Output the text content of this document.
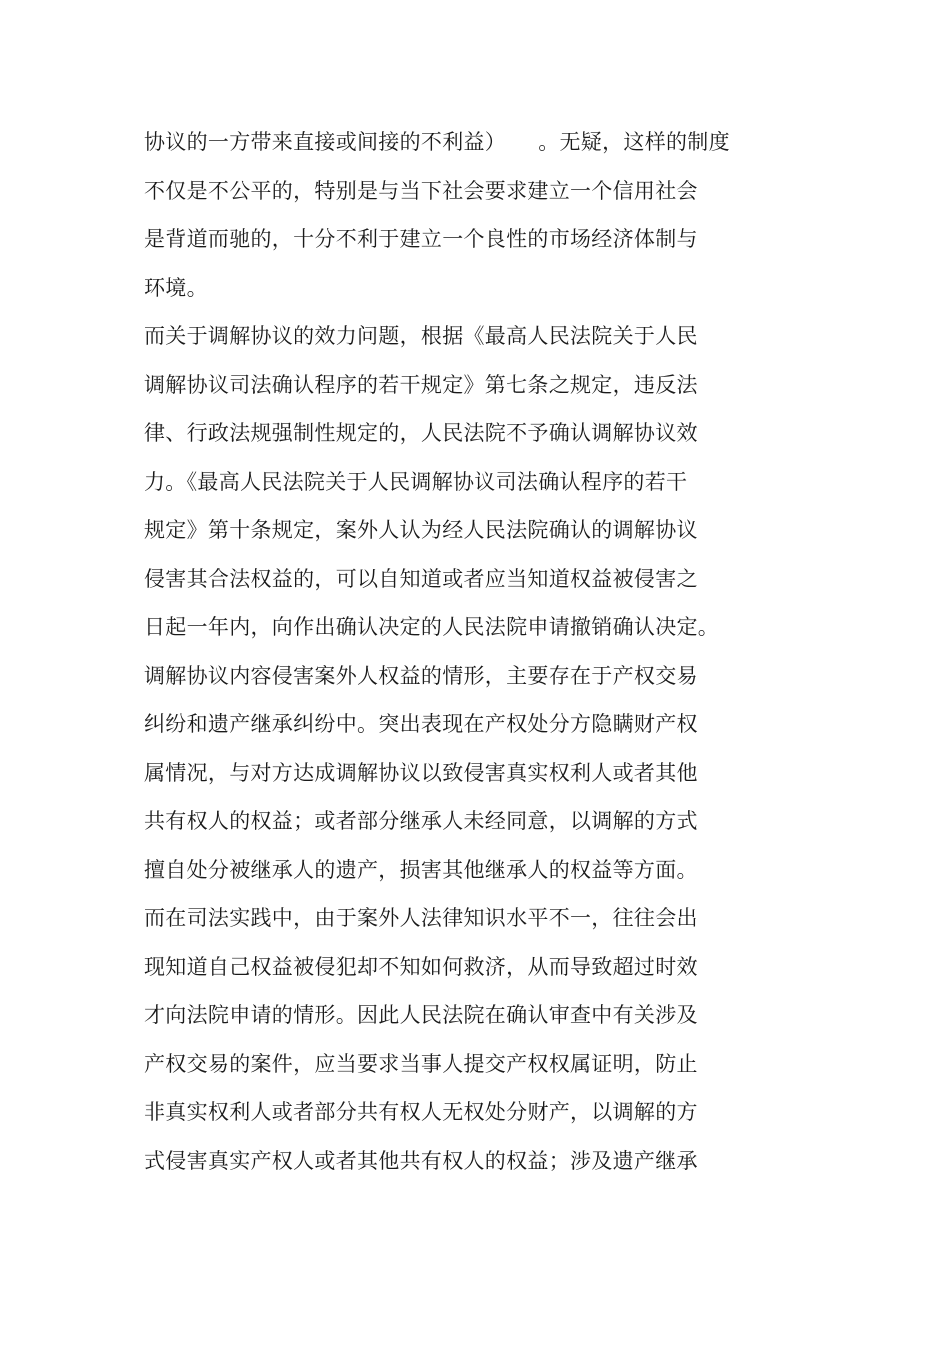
协议的一方带来直接或间接的不利益）　　。无疑，这样的制度
不仅是不公平的，特别是与当下社会要求建立一个信用社会
是背道而驰的，十分不利于建立一个良性的市场经济体制与
环境。
而关于调解协议的效力问题，根据《最高人民法院关于人民
调解协议司法确认程序的若干规定》第七条之规定，违反法
律、行政法规强制性规定的，人民法院不予确认调解协议效
力。《最高人民法院关于人民调解协议司法确认程序的若干
规定》第十条规定，案外人认为经人民法院确认的调解协议
侵害其合法权益的，可以自知道或者应当知道权益被侵害之
日起一年内，向作出确认决定的人民法院申请撤销确认决定。
调解协议内容侵害案外人权益的情形，主要存在于产权交易
纠纷和遗产继承纠纷中。突出表现在产权处分方隐瞒财产权
属情况，与对方达成调解协议以致侵害真实权利人或者其他
共有权人的权益；或者部分继承人未经同意，以调解的方式
擅自处分被继承人的遗产，损害其他继承人的权益等方面。
而在司法实践中，由于案外人法律知识水平不一，往往会出
现知道自己权益被侵犯却不知如何救济，从而导致超过时效
才向法院申请的情形。因此人民法院在确认审查中有关涉及
产权交易的案件，应当要求当事人提交产权权属证明，防止
非真实权利人或者部分共有权人无权处分财产，以调解的方
式侵害真实产权人或者其他共有权人的权益；涉及遗产继承
